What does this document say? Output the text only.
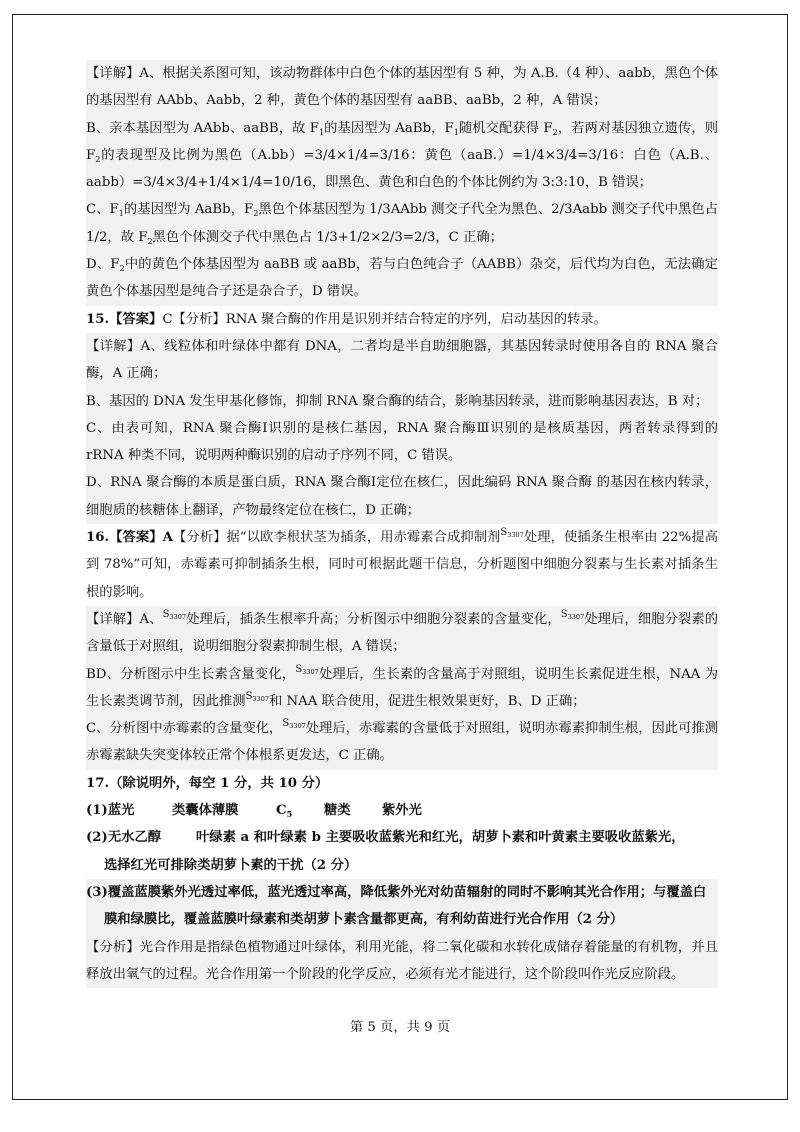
【详解】A、根据关系图可知，该动物群体中白色个体的基因型有 5 种，为 A.B.（4 种）、aabb，黑色个体的基因型有 AAbb、Aabb，2 种，黄色个体的基因型有 aaBB、aaBb，2 种，A 错误；

B、亲本基因型为 AAbb、aaBB，故 $F_1$的基因型为 AaBb，$F_1$随机交配获得 $F_2$，若两对基因独立遗传，则 $F_2$的表现型及比例为黑色（A.bb）=3/4×1/4=3/16：黄色（aaB.）=1/4×3/4=3/16：白色（A.B.、aabb）=3/4×3/4+1/4×1/4=10/16，即黑色、黄色和白色的个体比例约为 3:3:10，B 错误；

C、$F_1$的基因型为 AaBb，$F_2$黑色个体基因型为 1/3AAbb 测交子代全为黑色、2/3Aabb 测交子代中黑色占 1/2，故 $F_2$黑色个体测交子代中黑色占 1/3+1/2×2/3=2/3，C 正确；

D、$F_2$中的黄色个体基因型为 aaBB 或 aaBb，若与白色纯合子（AABB）杂交，后代均为白色，无法确定黄色个体基因型是纯合子还是杂合子，D 错误。

15.【答案】C【分析】RNA 聚合酶的作用是识别并结合特定的序列，启动基因的转录。

【详解】A、线粒体和叶绿体中都有 DNA，二者均是半自助细胞器，其基因转录时使用各自的 RNA 聚合酶，A 正确；

B、基因的 DNA 发生甲基化修饰，抑制 RNA 聚合酶的结合，影响基因转录，进而影响基因表达，B 对；

C、由表可知，RNA 聚合酶Ⅰ识别的是核仁基因，RNA 聚合酶Ⅲ识别的是核质基因，两者转录得到的 rRNA 种类不同，说明两种酶识别的启动子序列不同，C 错误。

D、RNA 聚合酶的本质是蛋白质，RNA 聚合酶Ⅰ定位在核仁，因此编码 RNA 聚合酶 的基因在核内转录，细胞质的核糖体上翻译，产物最终定位在核仁，D 正确；

16.【答案】A【分析】据“以欧李根状茎为插条，用赤霉素合成抑制剂$S_{3307}$处理，使插条生根率由 22%提高到 78%”可知，赤霉素可抑制插条生根，同时可根据此题干信息，分析题图中细胞分裂素与生长素对插条生根的影响。

【详解】A、$S_{3307}$处理后，插条生根率升高；分析图示中细胞分裂素的含量变化，$S_{3307}$处理后，细胞分裂素的含量低于对照组，说明细胞分裂素抑制生根，A 错误；

BD、分析图示中生长素含量变化，$S_{3307}$处理后，生长素的含量高于对照组，说明生长素促进生根，NAA 为生长素类调节剂，因此推测$S_{3307}$和 NAA 联合使用，促进生根效果更好，B、D 正确；

C、分析图中赤霉素的含量变化，$S_{3307}$处理后，赤霉素的含量低于对照组，说明赤霉素抑制生根，因此可推测赤霉素缺失突变体较正常个体根系更发达，C 正确。

17.（除说明外，每空 1 分，共 10 分）

(1)蓝光	类囊体薄膜	$C_5$ 糖类 紫外光

(2)无水乙醇	叶绿素 a 和叶绿素 b 主要吸收蓝紫光和红光，胡萝卜素和叶黄素主要吸收蓝紫光，

选择红光可排除类胡萝卜素的干扰（2 分）

(3)覆盖蓝膜紫外光透过率低，蓝光透过率高，降低紫外光对幼苗辐射的同时不影响其光合作用；与覆盖白

膜和绿膜比，覆盖蓝膜叶绿素和类胡萝卜素含量都更高，有利幼苗进行光合作用（2 分）

【分析】光合作用是指绿色植物通过叶绿体，利用光能，将二氧化碳和水转化成储存着能量的有机物，并且释放出氧气的过程。光合作用第一个阶段的化学反应，必须有光才能进行，这个阶段叫作光反应阶段。

第 5 页，共 9 页
